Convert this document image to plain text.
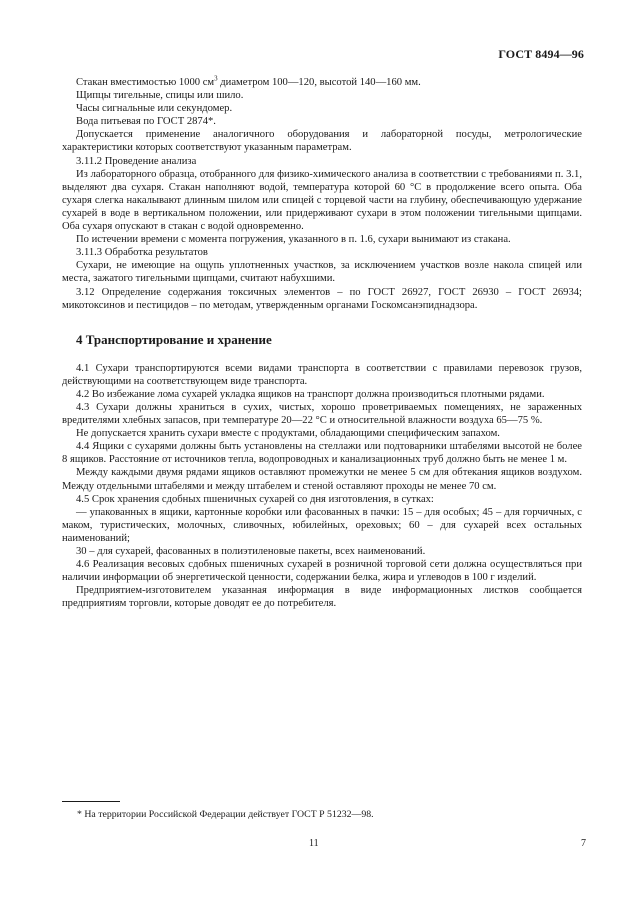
ГОСТ 8494—96

Стакан вместимостью 1000 $см^3$ диаметром 100—120, высотой 140—160 мм.

Щипцы тигельные, спицы или шило.

Часы сигнальные или секундомер.

Вода питьевая по ГОСТ 2874*.

Допускается применение аналогичного оборудования и лабораторной посуды, метрологические характеристики которых соответствуют указанным параметрам.

3.11.2 Проведение анализа

Из лабораторного образца, отобранного для физико-химического анализа в соответствии с требованиями п. 3.1, выделяют два сухаря. Стакан наполняют водой, температура которой 60 °С в продолжение всего опыта. Оба сухаря слегка накалывают длинным шилом или спицей с торцевой части на глубину, обеспечивающую удержание сухарей в воде в вертикальном положении, или придерживают сухари в этом положении тигельными щипцами. Оба сухаря опускают в стакан с водой одновременно.

По истечении времени с момента погружения, указанного в п. 1.6, сухари вынимают из стакана.

3.11.3 Обработка результатов

Сухари, не имеющие на ощупь уплотненных участков, за исключением участков возле накола спицей или места, зажатого тигельными щипцами, считают набухшими.

3.12 Определение содержания токсичных элементов – по ГОСТ 26927, ГОСТ 26930 – ГОСТ 26934; микотоксинов и пестицидов – по методам, утвержденным органами Госкомсанэпиднадзора.

4 Транспортирование и хранение

4.1 Сухари транспортируются всеми видами транспорта в соответствии с правилами перевозок грузов, действующими на соответствующем виде транспорта.

4.2 Во избежание лома сухарей укладка ящиков на транспорт должна производиться плотными рядами.

4.3 Сухари должны храниться в сухих, чистых, хорошо проветриваемых помещениях, не зараженных вредителями хлебных запасов, при температуре 20—22 °С и относительной влажности воздуха 65—75 %.

Не допускается хранить сухари вместе с продуктами, обладающими специфическим запахом.

4.4 Ящики с сухарями должны быть установлены на стеллажи или подтоварники штабелями высотой не более 8 ящиков. Расстояние от источников тепла, водопроводных и канализационных труб должно быть не менее 1 м.

Между каждыми двумя рядами ящиков оставляют промежутки не менее 5 см для обтекания ящиков воздухом. Между отдельными штабелями и между штабелем и стеной оставляют проходы не менее 70 см.

4.5 Срок хранения сдобных пшеничных сухарей со дня изготовления, в сутках:

— упакованных в ящики, картонные коробки или фасованных в пачки: 15 – для особых; 45 – для горчичных, с маком, туристических, молочных, сливочных, юбилейных, ореховых; 60 – для сухарей всех остальных наименований;

30 – для сухарей, фасованных в полиэтиленовые пакеты, всех наименований.

4.6 Реализация весовых сдобных пшеничных сухарей в розничной торговой сети должна осуществляться при наличии информации об энергетической ценности, содержании белка, жира и углеводов в 100 г изделий.

Предприятием-изготовителем указанная информация в виде информационных листков сообщается предприятиям торговли, которые доводят ее до потребителя.

* На территории Российской Федерации действует ГОСТ Р 51232—98.
11	7
